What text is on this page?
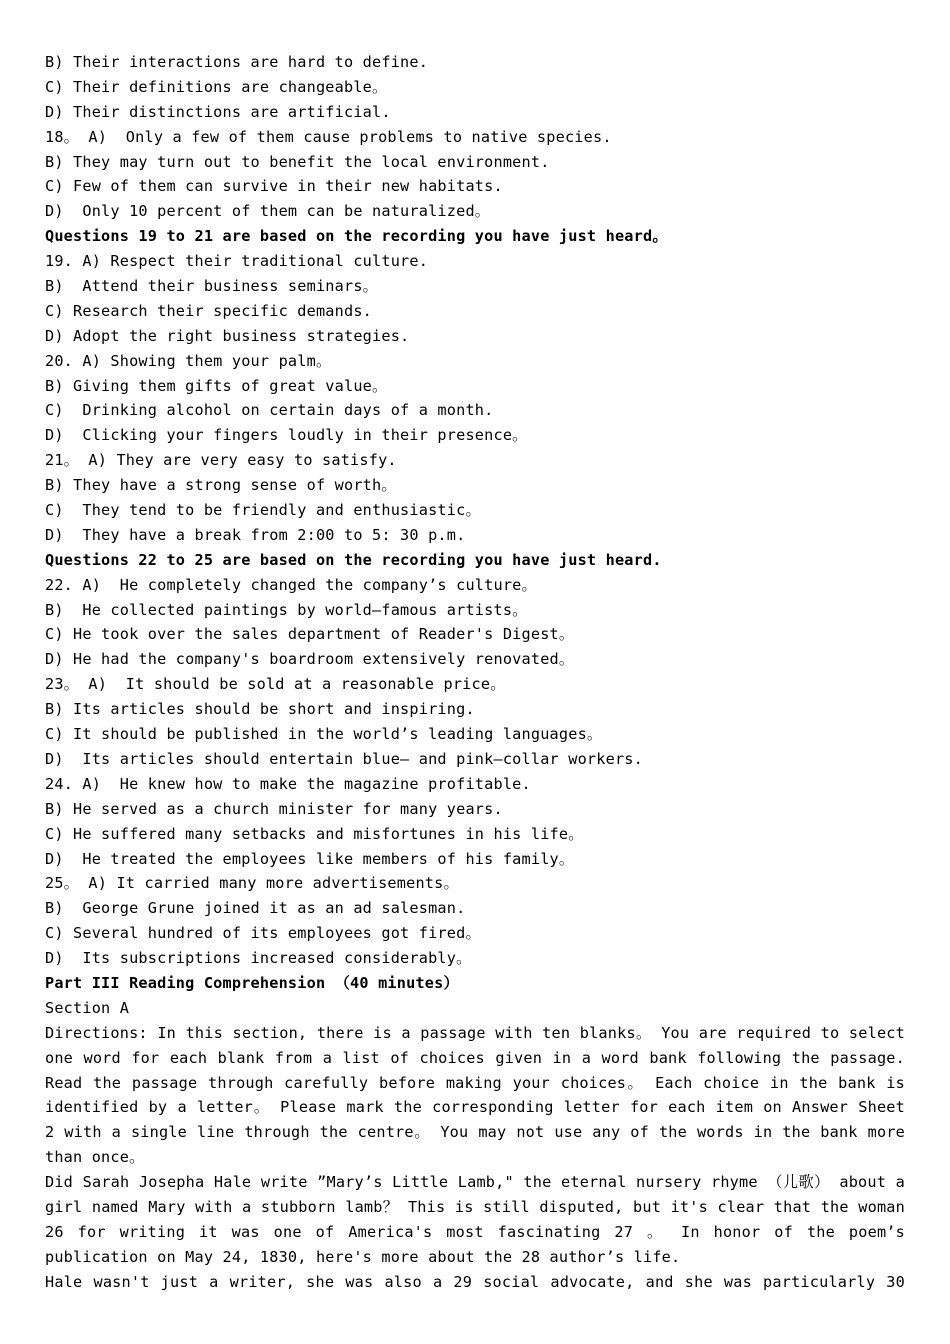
B) Their interactions are hard to define.
C) Their definitions are changeable。
D) Their distinctions are artificial.
18。 A)  Only a few of them cause problems to native species.
B) They may turn out to benefit the local environment.
C) Few of them can survive in their new habitats.
D)  Only 10 percent of them can be naturalized。
Questions 19 to 21 are based on the recording you have just heard。
19. A) Respect their traditional culture.
B)  Attend their business seminars。
C) Research their specific demands.
D) Adopt the right business strategies.
20. A) Showing them your palm。
B) Giving them gifts of great value。
C)  Drinking alcohol on certain days of a month.
D)  Clicking your fingers loudly in their presence。
21。 A) They are very easy to satisfy.
B) They have a strong sense of worth。
C)  They tend to be friendly and enthusiastic。
D)  They have a break from 2:00 to 5: 30 p.m.
Questions 22 to 25 are based on the recording you have just heard.
22. A)  He completely changed the company’s culture。
B)  He collected paintings by world—famous artists。
C) He took over the sales department of Reader's Digest。
D) He had the company's boardroom extensively renovated。
23。 A)  It should be sold at a reasonable price。
B) Its articles should be short and inspiring.
C) It should be published in the world’s leading languages。
D)  Its articles should entertain blue— and pink—collar workers.
24. A)  He knew how to make the magazine profitable.
B) He served as a church minister for many years.
C) He suffered many setbacks and misfortunes in his life。
D)  He treated the employees like members of his family。
25。 A) It carried many more advertisements。
B)  George Grune joined it as an ad salesman.
C) Several hundred of its employees got fired。
D)  Its subscriptions increased considerably。
Part III Reading Comprehension （40 minutes）
Section A
Directions: In this section, there is a passage with ten blanks。 You are required to select one word for each blank from a list of choices given in a word bank following the passage. Read the passage through carefully before making your choices。 Each choice in the bank is identified by a letter。 Please mark the corresponding letter for each item on Answer Sheet 2 with a single line through the centre。 You may not use any of the words in the bank more than once。
Did Sarah Josepha Hale write ”Mary’s Little Lamb," the eternal nursery rhyme （儿歌） about a girl named Mary with a stubborn lamb？ This is still disputed, but it's clear that the woman 26 for writing it was one of America's most fascinating 27 。 In honor of the poem’s publication on May 24, 1830, here's more about the 28 author’s life.
Hale wasn't just a writer, she was also a 29 social advocate, and she was particularly 30
